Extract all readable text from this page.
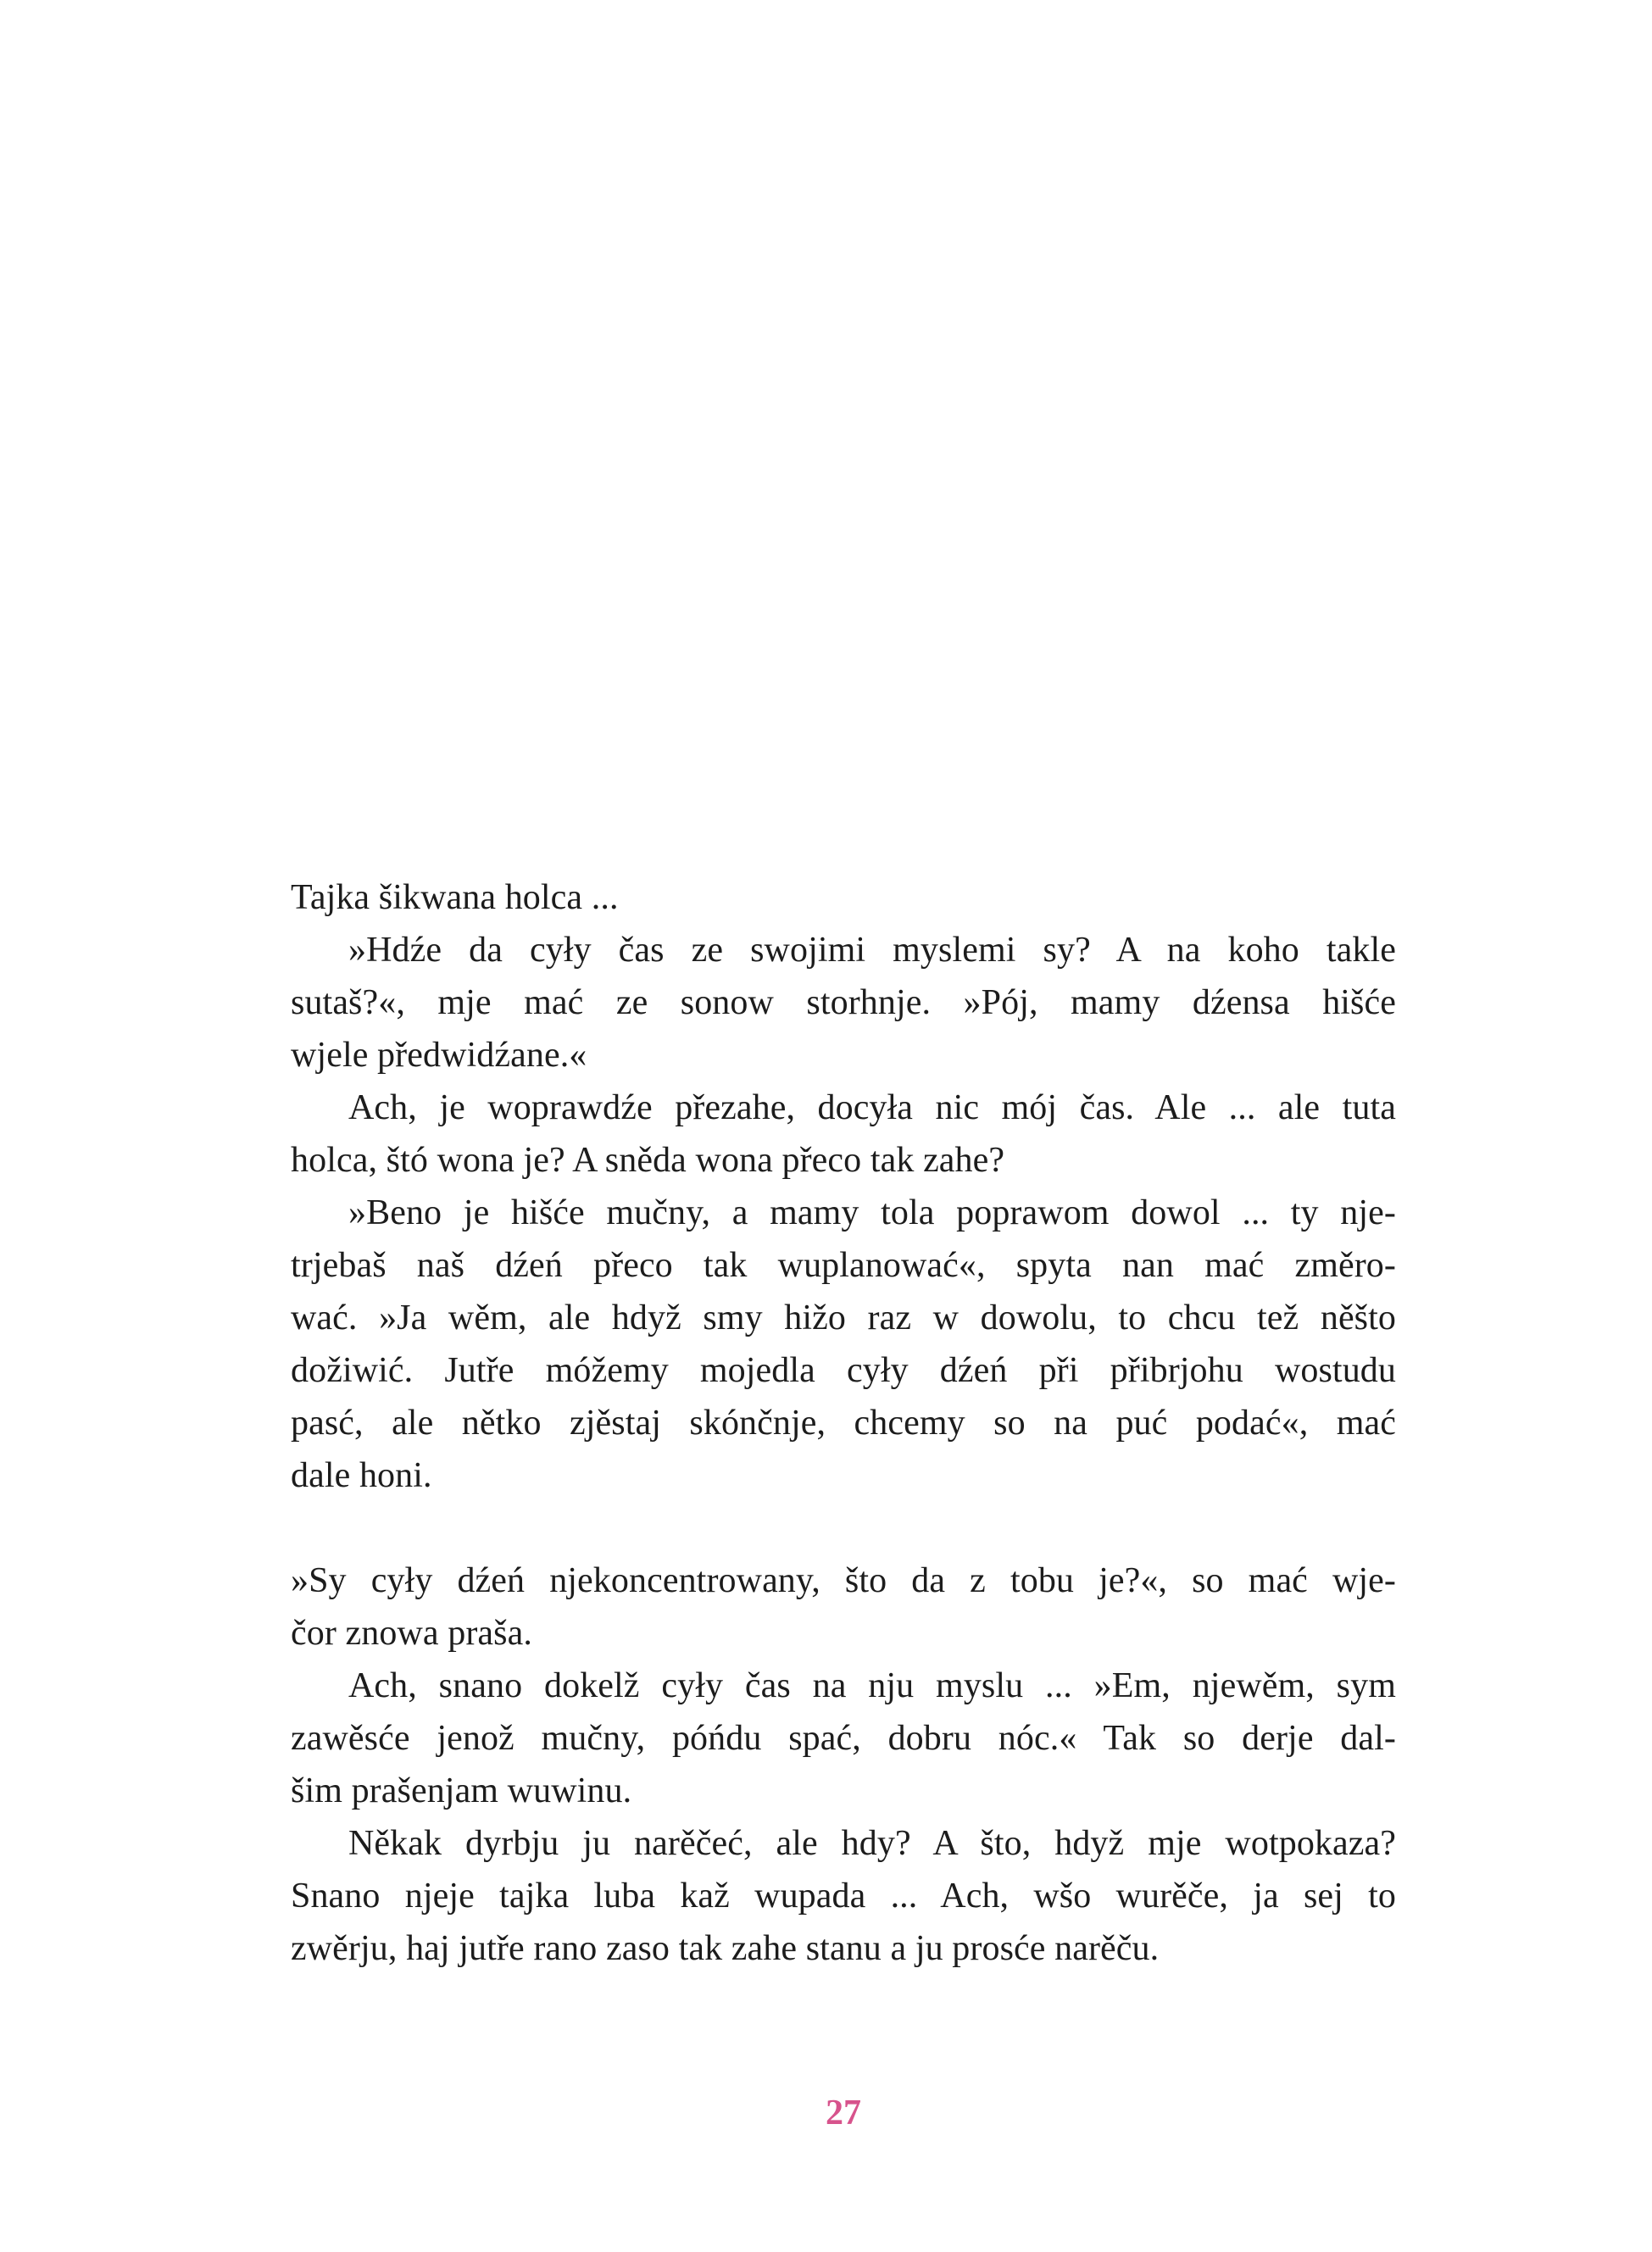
Tajka šikwana holca ...
»Hdźe da cyły čas ze swojimi myslemi sy? A na koho takle
sutaš?«, mje mać ze sonow storhnje. »Pój, mamy dźensa hišće
wjele předwidźane.«
Ach, je woprawdźe přezahe, docyła nic mój čas. Ale ... ale tuta
holca, štó wona je? A sněda wona přeco tak zahe?
»Beno je hišće mučny, a mamy tola poprawom dowol ... ty nje-
trjebaš naš dźeń přeco tak wuplanować«, spyta nan mać změro-
wać. »Ja wěm, ale hdyž smy hižo raz w dowolu, to chcu tež něšto
dožiwić. Jutře móžemy mojedla cyły dźeń při přibrjohu wostudu
pasć, ale nětko zjěstaj skónčnje, chcemy so na puć podać«, mać
dale honi.
»Sy cyły dźeń njekoncentrowany, što da z tobu je?«, so mać wje-
čor znowa praša.
Ach, snano dokelž cyły čas na nju myslu ... »Em, njewěm, sym
zawěsće jenož mučny, póńdu spać, dobru nóc.« Tak so derje dal-
šim prašenjam wuwinu.
Někak dyrbju ju narěčeć, ale hdy? A što, hdyž mje wotpokaza?
Snano njeje tajka luba kaž wupada ... Ach, wšo wurěče, ja sej to
zwěrju, haj jutře rano zaso tak zahe stanu a ju prosće narěču.
27
